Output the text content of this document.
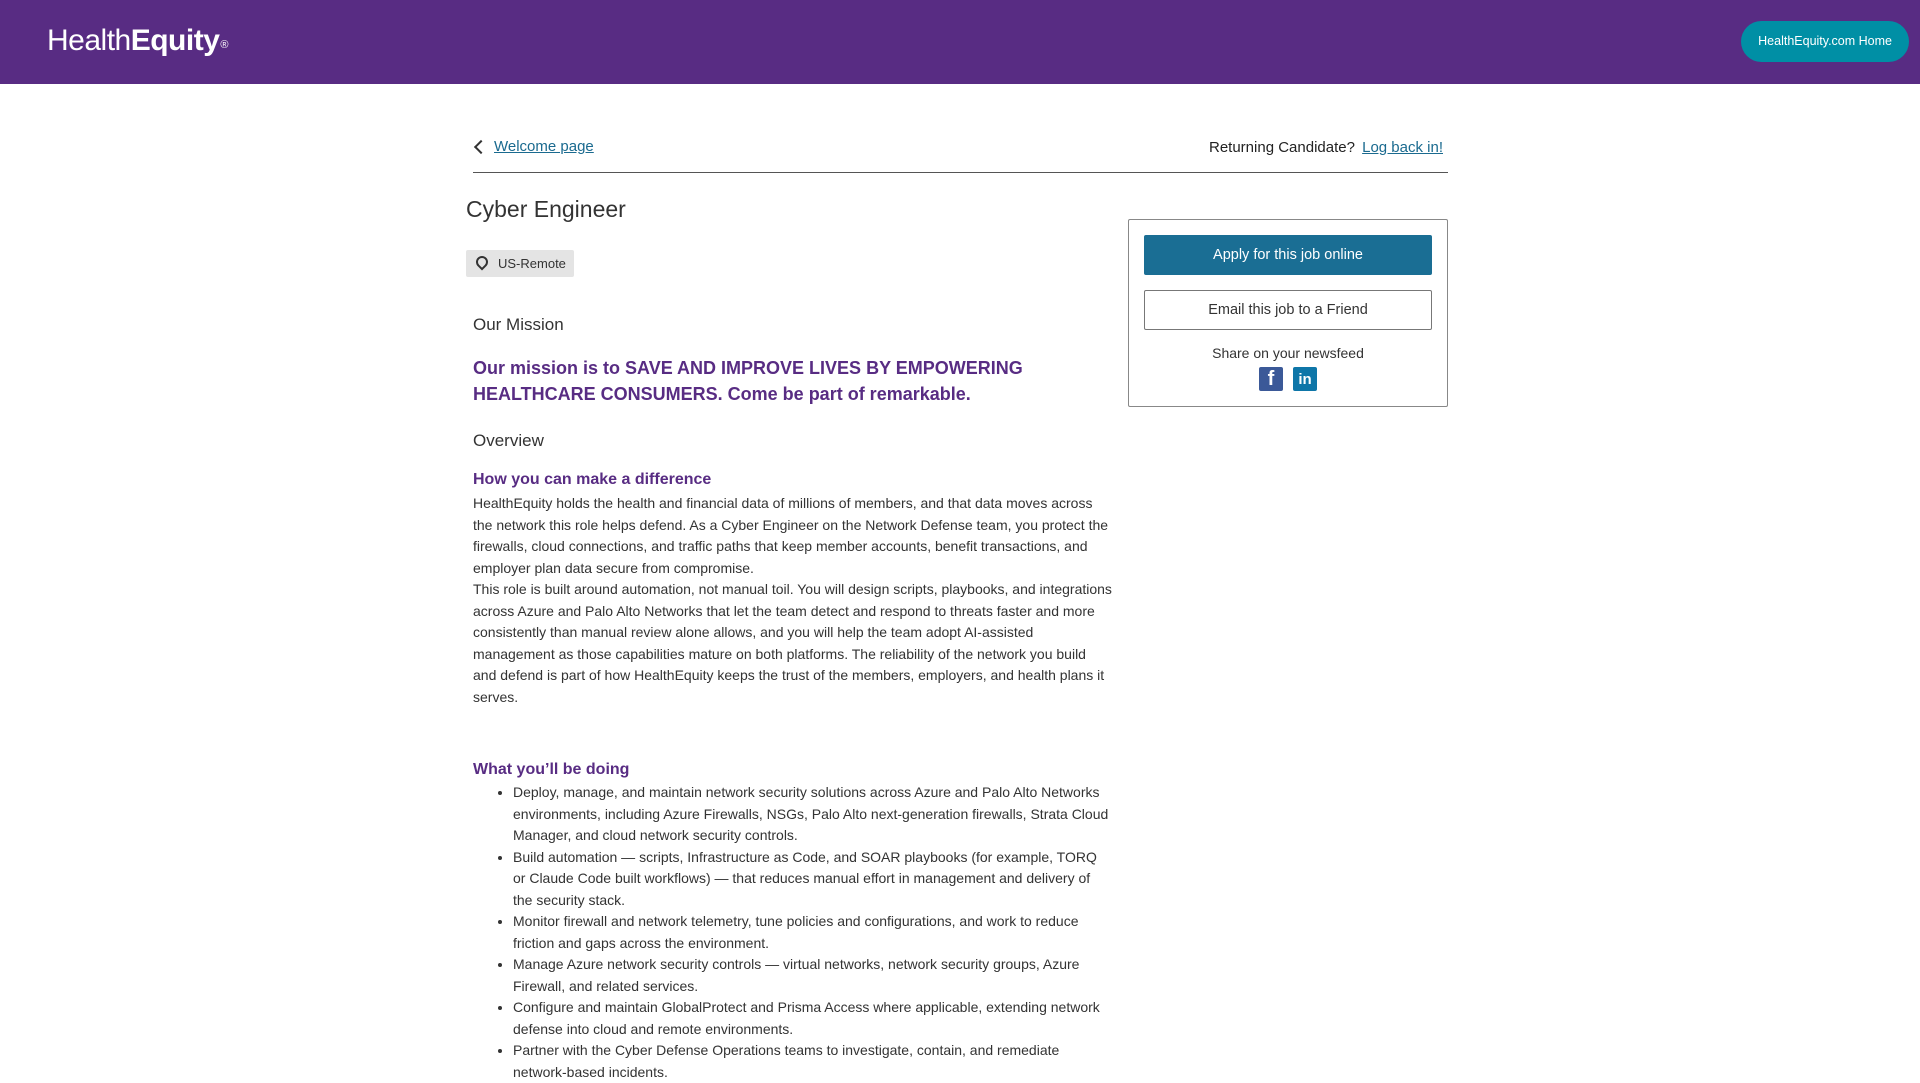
HealthEquity®	HealthEquity.com Home
Welcome page	Returning Candidate? Log back in!
Cyber Engineer
US-Remote
Our Mission

Our mission is to SAVE AND IMPROVE LIVES BY EMPOWERING HEALTHCARE CONSUMERS. Come be part of remarkable.

Overview
How you can make a difference

HealthEquity holds the health and financial data of millions of members, and that data moves across the network this role helps defend. As a Cyber Engineer on the Network Defense team, you protect the firewalls, cloud connections, and traffic paths that keep member accounts, benefit transactions, and employer plan data secure from compromise.

This role is built around automation, not manual toil. You will design scripts, playbooks, and integrations across Azure and Palo Alto Networks that let the team detect and respond to threats faster and more consistently than manual review alone allows, and you will help the team adopt AI-assisted management as those capabilities mature on both platforms. The reliability of the network you build and defend is part of how HealthEquity keeps the trust of the members, employers, and health plans it serves.

What you’ll be doing
• Deploy, manage, and maintain network security solutions across Azure and Palo Alto Networks environments, including Azure Firewalls, NSGs, Palo Alto next-generation firewalls, Strata Cloud Manager, and cloud network security controls.
• Build automation — scripts, Infrastructure as Code, and SOAR playbooks (for example, TORQ or Claude Code built workflows) — that reduces manual effort in management and delivery of the security stack.
• Monitor firewall and network telemetry, tune policies and configurations, and work to reduce friction and gaps across the environment.
• Manage Azure network security controls — virtual networks, network security groups, Azure Firewall, and related services.
• Configure and maintain GlobalProtect and Prisma Access where applicable, extending network defense into cloud and remote environments.
• Partner with the Cyber Defense Operations teams to investigate, contain, and remediate network-based incidents.
Apply for this job online
Email this job to a Friend
Share on your newsfeed
f	in
